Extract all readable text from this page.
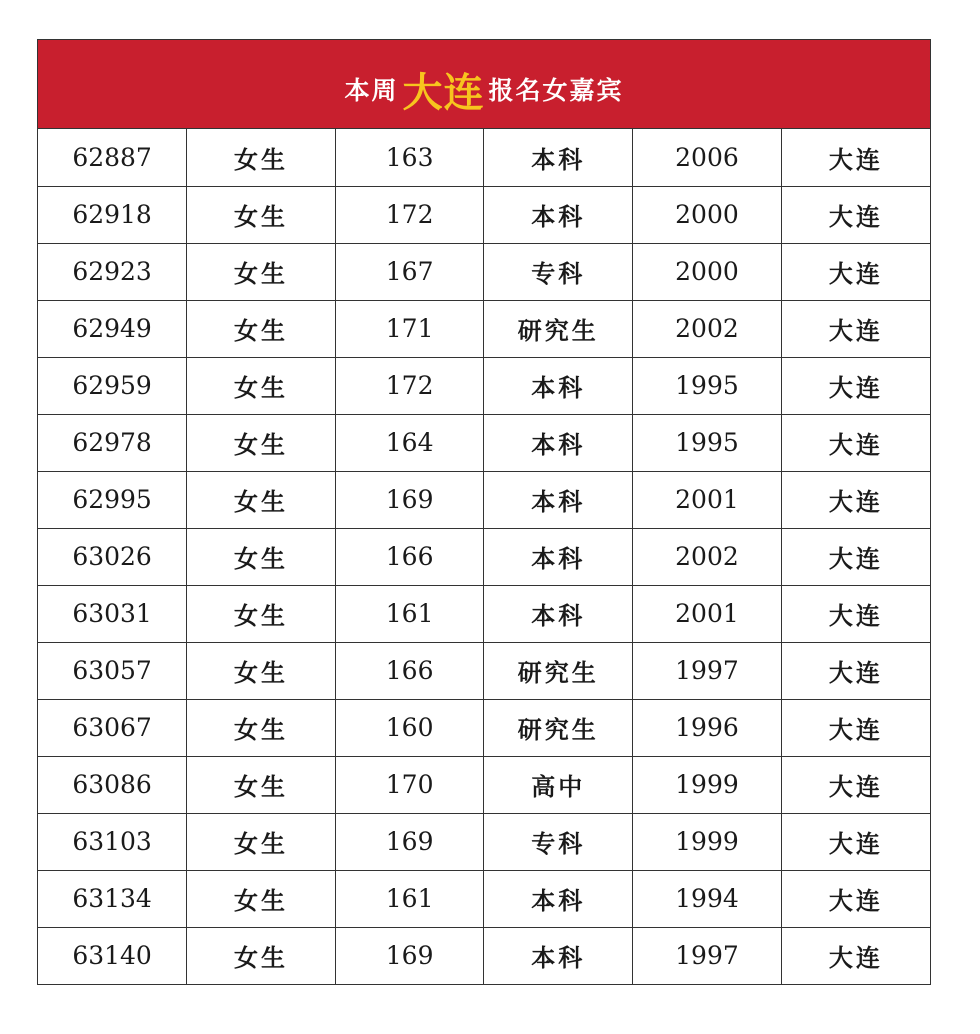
本周 大连 报名女嘉宾
62887	女生	163	本科	2006	大连
62918	女生	172	本科	2000	大连
62923	女生	167	专科	2000	大连
62949	女生	171	研究生	2002	大连
62959	女生	172	本科	1995	大连
62978	女生	164	本科	1995	大连
62995	女生	169	本科	2001	大连
63026	女生	166	本科	2002	大连
63031	女生	161	本科	2001	大连
63057	女生	166	研究生	1997	大连
63067	女生	160	研究生	1996	大连
63086	女生	170	高中	1999	大连
63103	女生	169	专科	1999	大连
63134	女生	161	本科	1994	大连
63140	女生	169	本科	1997	大连
